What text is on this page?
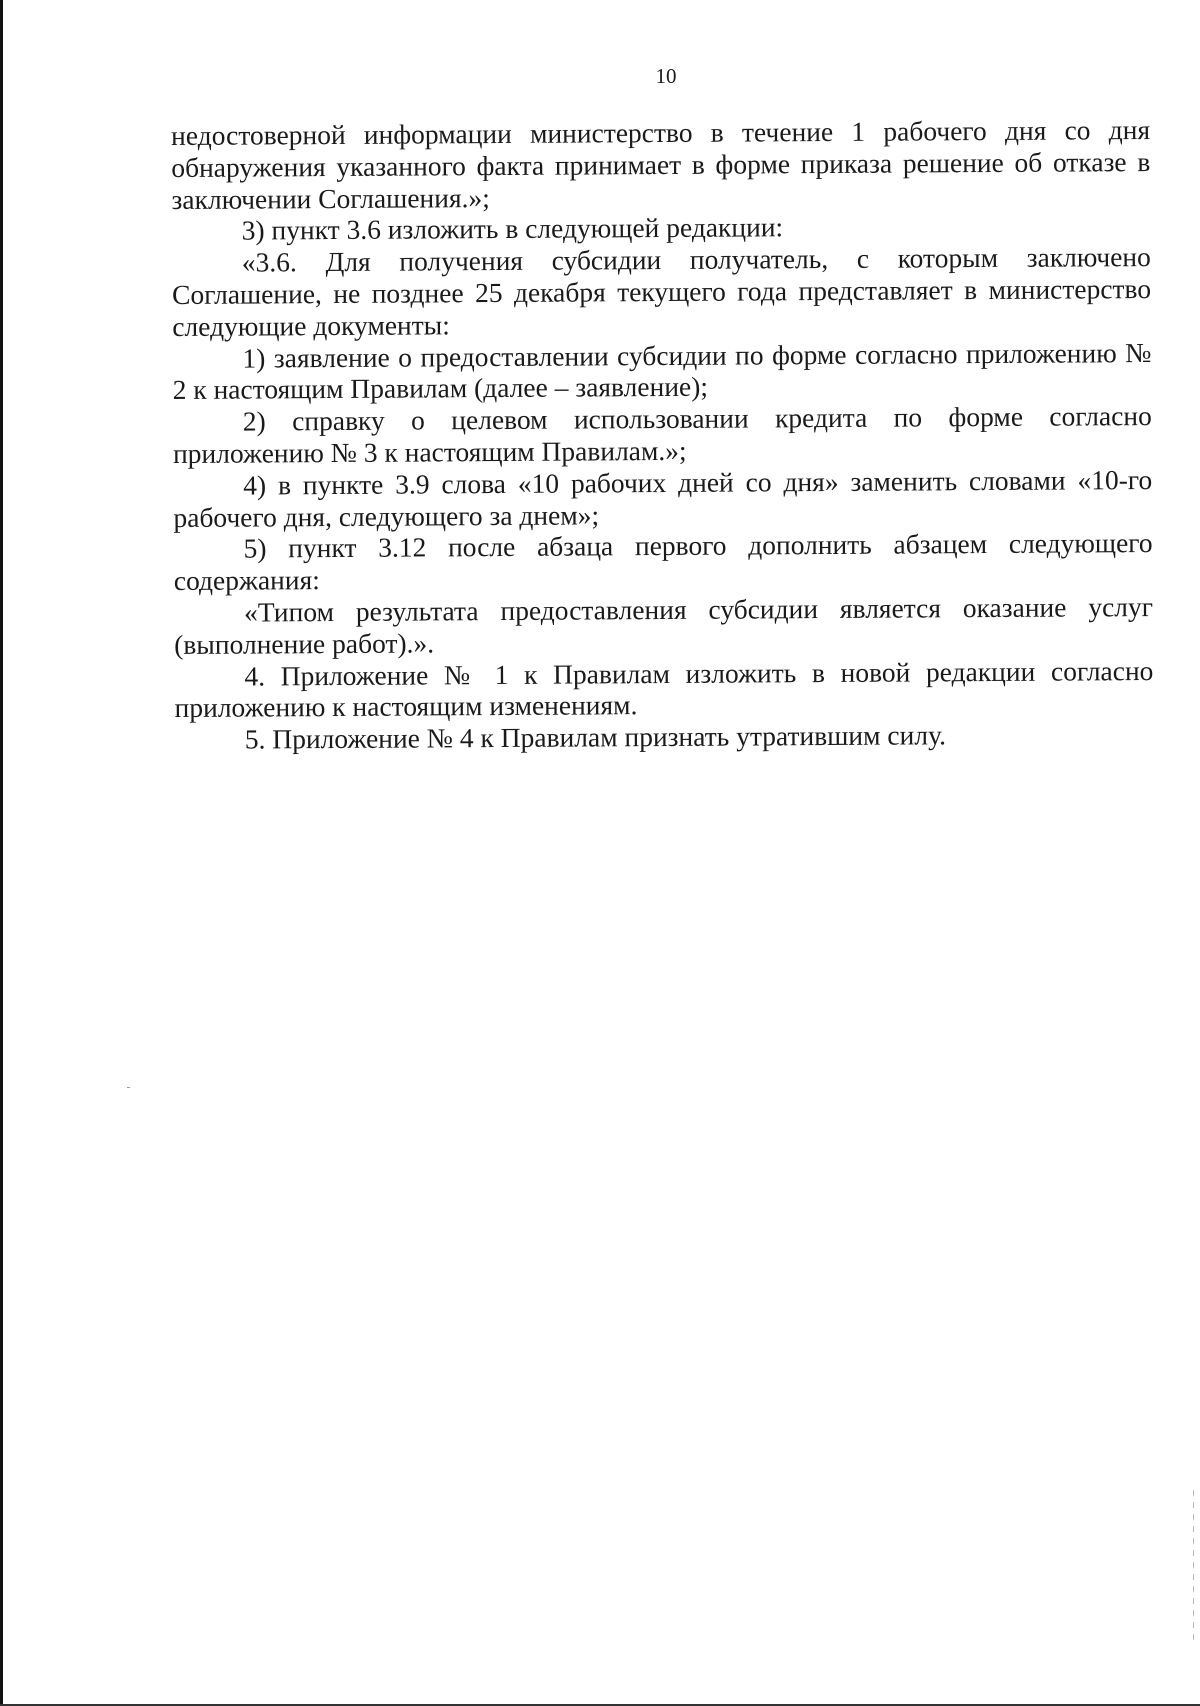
10

недостоверной информации министерство в течение 1 рабочего дня со дня обнаружения указанного факта принимает в форме приказа решение об отказе в заключении Соглашения.»;

3) пункт 3.6 изложить в следующей редакции:

«3.6. Для получения субсидии получатель, с которым заключено Соглашение, не позднее 25 декабря текущего года представляет в министерство следующие документы:

1) заявление о предоставлении субсидии по форме согласно приложению № 2 к настоящим Правилам (далее – заявление);

2) справку о целевом использовании кредита по форме согласно приложению № 3 к настоящим Правилам.»;

4) в пункте 3.9 слова «10 рабочих дней со дня» заменить словами «10-го рабочего дня, следующего за днем»;

5) пункт 3.12 после абзаца первого дополнить абзацем следующего содержания:

«Типом результата предоставления субсидии является оказание услуг (выполнение работ).».

4. Приложение № 1 к Правилам изложить в новой редакции согласно приложению к настоящим изменениям.

5. Приложение № 4 к Правилам признать утратившим силу.
